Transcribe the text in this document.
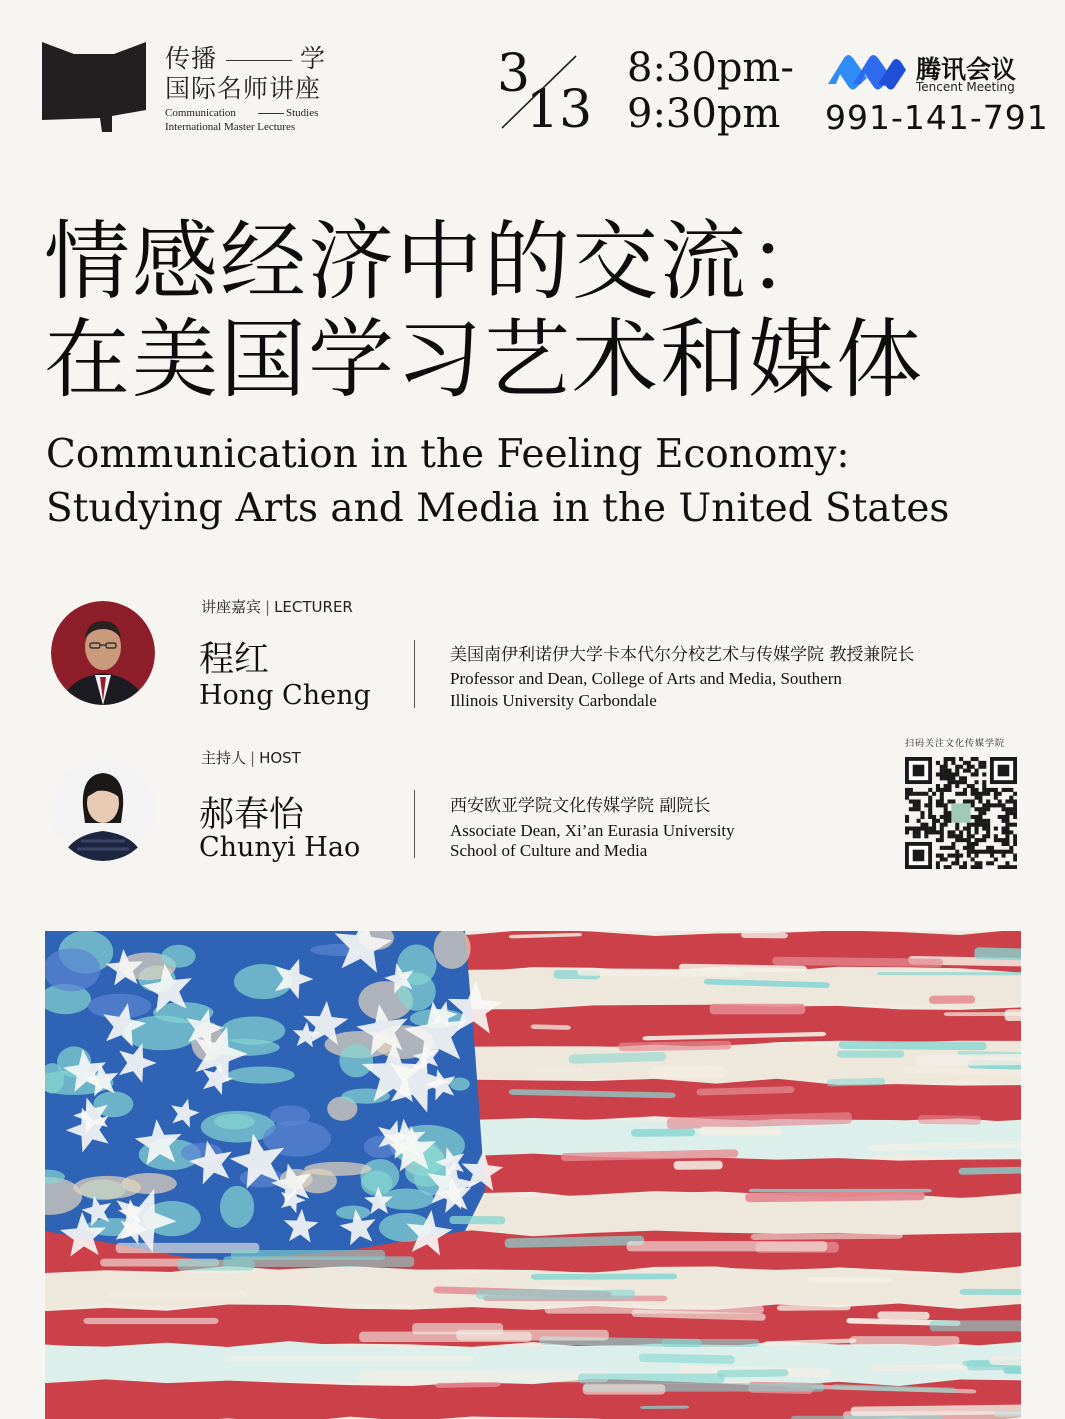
传播	学
国际名师讲座
Communication	Studies
International Master Lectures
3
13
8:30pm-
9:30pm
腾讯会议
Tencent Meeting
991-141-791
情感经济中的交流：
在美国学习艺术和媒体
Communication in the Feeling Economy:
Studying Arts and Media in the United States
讲座嘉宾 | LECTURER
程红
Hong Cheng
美国南伊利诺伊大学卡本代尔分校艺术与传媒学院 教授兼院长
Professor and Dean, College of Arts and Media, Southern
Illinois University Carbondale
主持人 | HOST
郝春怡
Chunyi Hao
西安欧亚学院文化传媒学院 副院长
Associate Dean, Xi’an Eurasia University
School of Culture and Media
扫码关注文化传媒学院
